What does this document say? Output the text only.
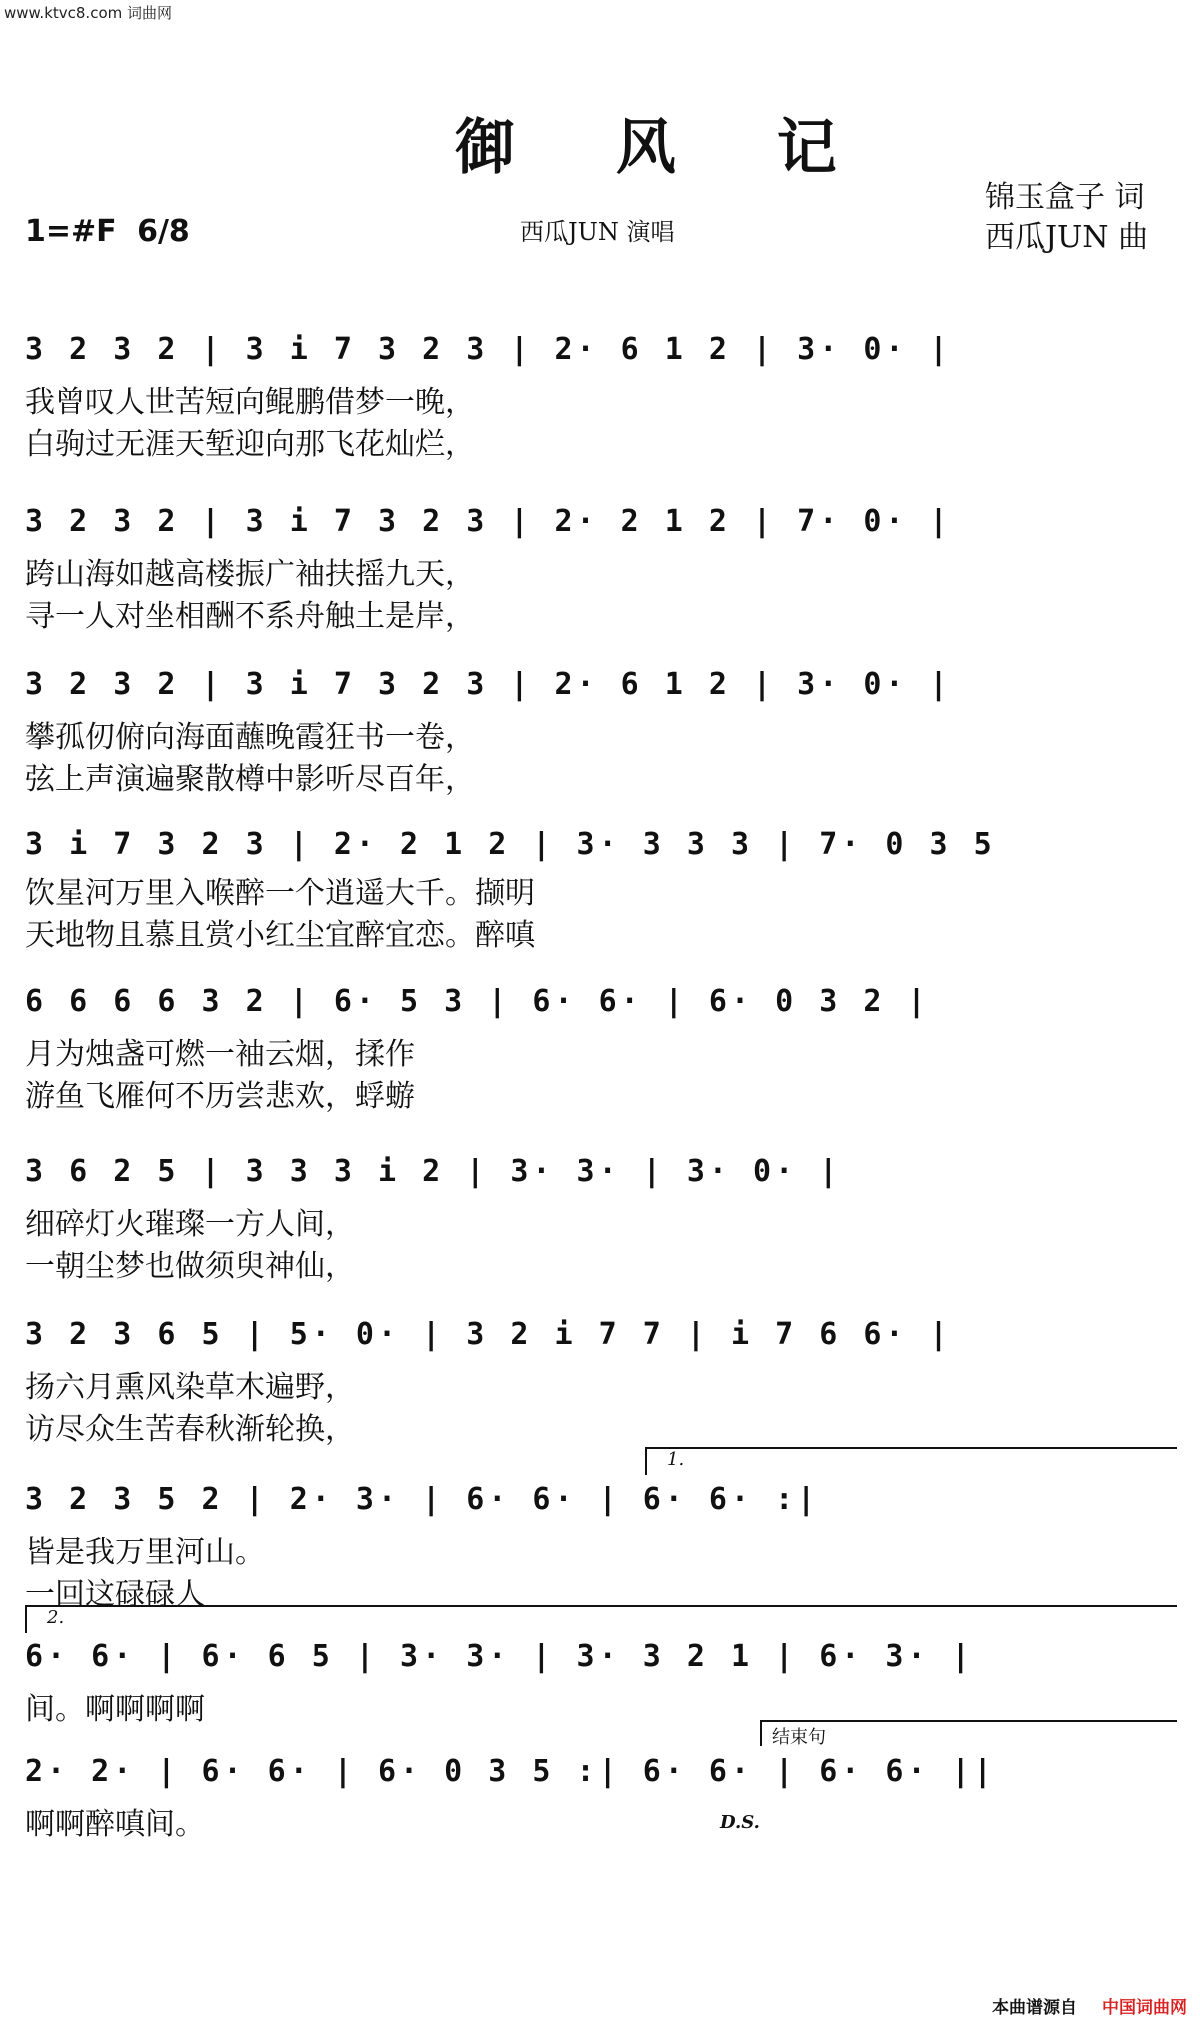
www.ktvc8.com 词曲网
御 风 记
锦玉盒子 词
西瓜JUN 曲
西瓜JUN 演唱
1=#F 6/8
3 2 3 2 | 3 i 7 3 2 3 | 2· 6 1 2 | 3· 0· |
我曾叹人世苦短向鲲鹏借梦一晚，
白驹过无涯天堑迎向那飞花灿烂，
3 2 3 2 | 3 i 7 3 2 3 | 2· 2 1 2 | 7· 0· |
跨山海如越高楼振广袖扶摇九天，
寻一人对坐相酬不系舟触土是岸，
3 2 3 2 | 3 i 7 3 2 3 | 2· 6 1 2 | 3· 0· |
攀孤仞俯向海面蘸晚霞狂书一卷，
弦上声演遍聚散樽中影听尽百年，
3 i 7 3 2 3 | 2· 2 1 2 | 3· 3 3 3 | 7· 0 3 5
饮星河万里入喉醉一个逍遥大千。撷明
天地物且慕且赏小红尘宜醉宜恋。醉嗔
6 6 6 6 3 2 | 6· 5 3 | 6· 6· | 6· 0 3 2 |
月为烛盏可燃一袖云烟，揉作
游鱼飞雁何不历尝悲欢，蜉蝣
3 6 2 5 | 3 3 3 i 2 | 3· 3· | 3· 0· |
细碎灯火璀璨一方人间，
一朝尘梦也做须臾神仙，
3 2 3 6 5 | 5· 0· | 3 2 i 7 7 | i 7 6 6· |
扬六月熏风染草木遍野，
访尽众生苦春秋渐轮换，
1.
3 2 3 5 2 | 2· 3· | 6· 6· | 6· 6· :|
皆是我万里河山。
一回这碌碌人
2.
6· 6· | 6· 6 5 | 3· 3· | 3· 3 2 1 | 6· 3· |
间。啊啊啊啊
结束句
2· 2· | 6· 6· | 6· 0 3 5 :| 6· 6· | 6· 6· ||
啊啊醉嗔间。	D.S.
本曲谱源自 中国词曲网
